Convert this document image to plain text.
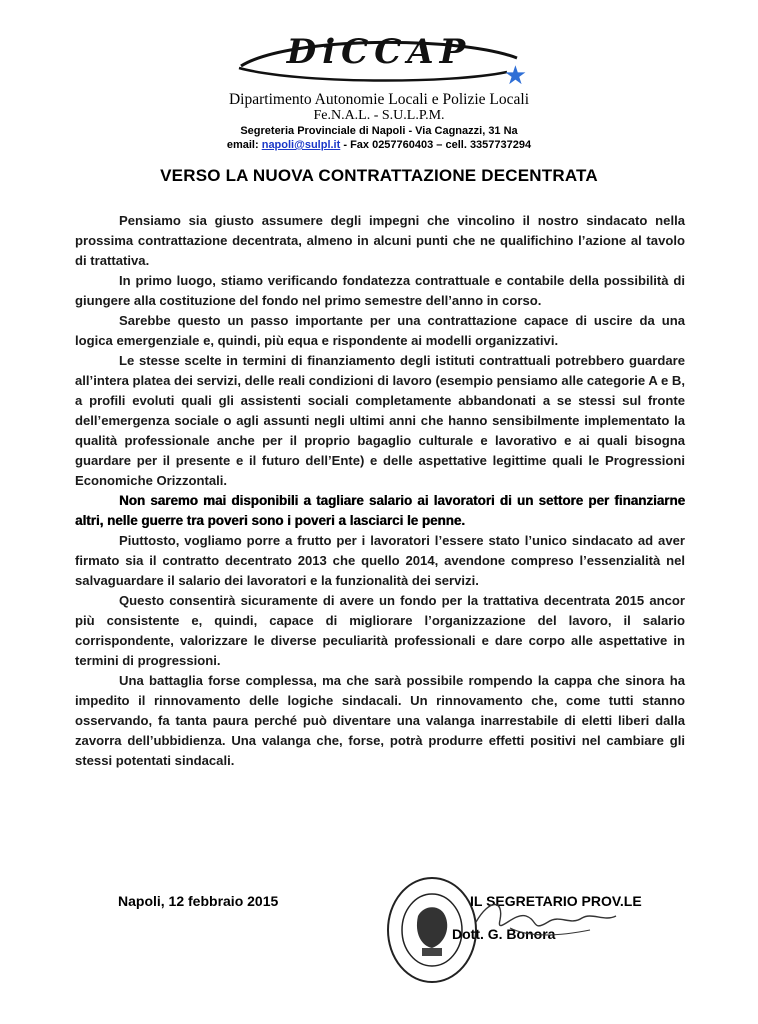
DiCCAP
★
Dipartimento Autonomie Locali e Polizie Locali
Fe.N.A.L. - S.U.L.P.M.
Segreteria Provinciale di Napoli - Via Cagnazzi, 31 Na
email: napoli@sulpl.it - Fax 0257760403 – cell. 3357737294
VERSO LA NUOVA CONTRATTAZIONE DECENTRATA

Pensiamo sia giusto assumere degli impegni che vincolino il nostro sindacato nella prossima contrattazione decentrata, almeno in alcuni punti che ne qualifichino l’azione al tavolo di trattativa.

In primo luogo, stiamo verificando fondatezza contrattuale e contabile della possibilità di giungere alla costituzione del fondo nel primo semestre dell’anno in corso.

Sarebbe questo un passo importante per una contrattazione capace di uscire da una logica emergenziale e, quindi, più equa e rispondente ai modelli organizzativi.

Le stesse scelte in termini di finanziamento degli istituti contrattuali potrebbero guardare all’intera platea dei servizi, delle reali condizioni di lavoro (esempio pensiamo alle categorie A e B, a profili evoluti quali gli assistenti sociali completamente abbandonati a se stessi sul fronte dell’emergenza sociale o agli assunti negli ultimi anni che hanno sensibilmente implementato la qualità professionale anche per il proprio bagaglio culturale e lavorativo e ai quali bisogna guardare per il presente e il futuro dell’Ente) e delle aspettative legittime quali le Progressioni Economiche Orizzontali.

Non saremo mai disponibili a tagliare salario ai lavoratori di un settore per finanziarne altri, nelle guerre tra poveri sono i poveri a lasciarci le penne.

Piuttosto, vogliamo porre a frutto per i lavoratori l’essere stato l’unico sindacato ad aver firmato sia il contratto decentrato 2013 che quello 2014, avendone compreso l’essenzialità nel salvaguardare il salario dei lavoratori e la funzionalità dei servizi.

Questo consentirà sicuramente di avere un fondo per la trattativa decentrata 2015 ancor più consistente e, quindi, capace di migliorare l’organizzazione del lavoro, il salario corrispondente, valorizzare le diverse peculiarità professionali e dare corpo alle aspettative in termini di progressioni.

Una battaglia forse complessa, ma che sarà possibile rompendo la cappa che sinora ha impedito il rinnovamento delle logiche sindacali. Un rinnovamento che, come tutti stanno osservando, fa tanta paura perché può diventare una valanga inarrestabile di eletti liberi dalla zavorra dell’ubbidienza. Una valanga che, forse, potrà produrre effetti positivi nel cambiare gli stessi potentati sindacali.

Napoli, 12 febbraio 2015	IL SEGRETARIO PROV.LE
Dott. G. Bonora
